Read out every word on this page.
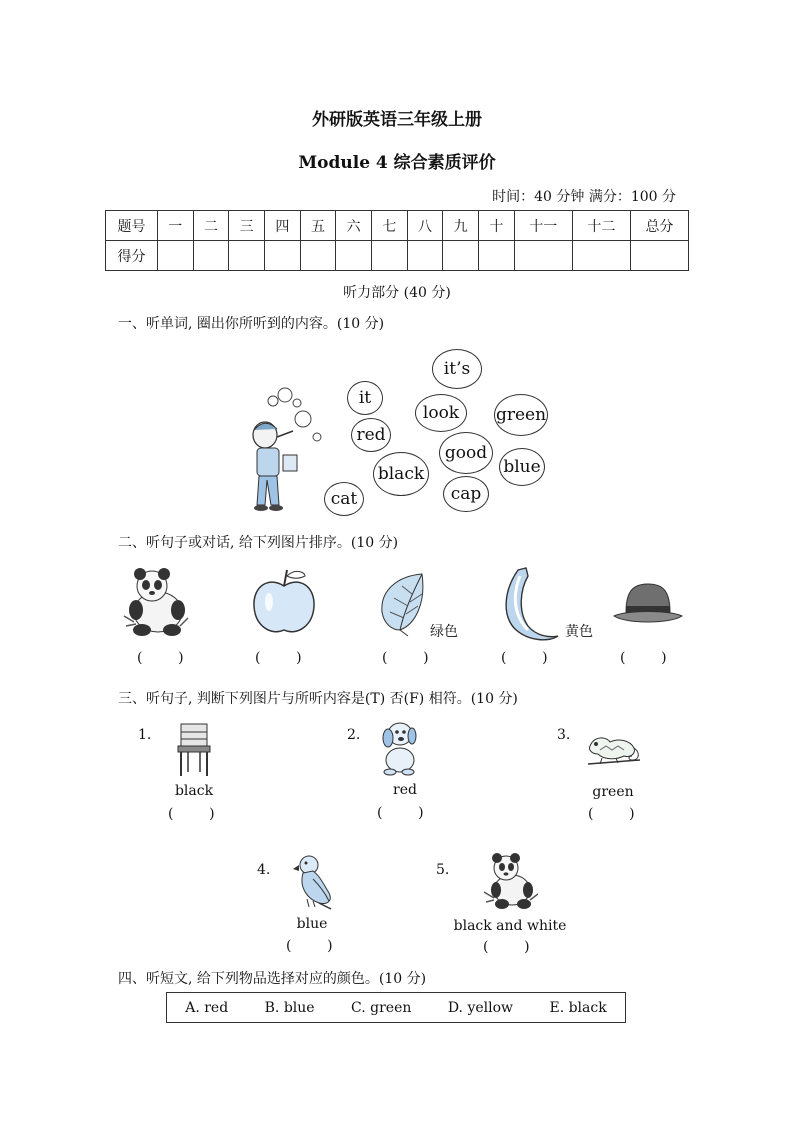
外研版英语三年级上册
Module 4 综合素质评价
时间：40 分钟 满分：100 分
题号	一	二	三	四	五	六	七	八	九	十	十一	十二	总分
得分													
听力部分 (40 分)
一、听单词, 圈出你所听到的内容。(10 分)
it
red
black
cat
it’s
look
good
cap
green
blue
二、听句子或对话, 给下列图片排序。(10 分)
绿色	黄色
(        )	(        )	(        )	(        )	(        )
三、听句子, 判断下列图片与所听内容是(T) 否(F) 相符。(10 分)
1.
black
(        )
2.
red
(        )
3.
green
(        )
4.
blue
(        )
5.
black and white
(        )
四、听短文, 给下列物品选择对应的颜色。(10 分)
A. red	B. blue	C. green	D. yellow	E. black
